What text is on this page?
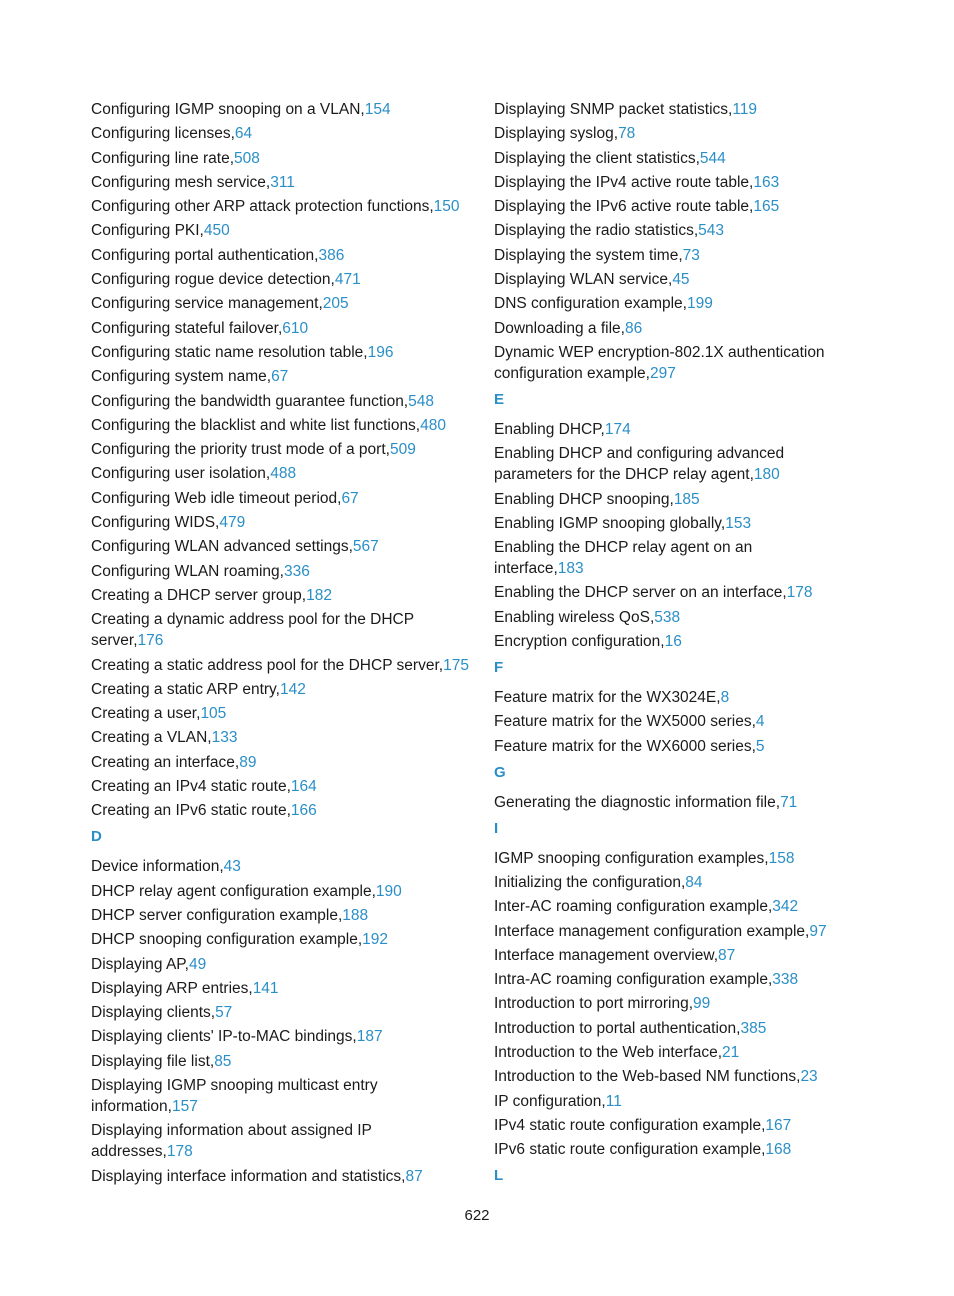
Configuring IGMP snooping on a VLAN,154
Configuring licenses,64
Configuring line rate,508
Configuring mesh service,311
Configuring other ARP attack protection functions,150
Configuring PKI,450
Configuring portal authentication,386
Configuring rogue device detection,471
Configuring service management,205
Configuring stateful failover,610
Configuring static name resolution table,196
Configuring system name,67
Configuring the bandwidth guarantee function,548
Configuring the blacklist and white list functions,480
Configuring the priority trust mode of a port,509
Configuring user isolation,488
Configuring Web idle timeout period,67
Configuring WIDS,479
Configuring WLAN advanced settings,567
Configuring WLAN roaming,336
Creating a DHCP server group,182
Creating a dynamic address pool for the DHCP server,176
Creating a static address pool for the DHCP server,175
Creating a static ARP entry,142
Creating a user,105
Creating a VLAN,133
Creating an interface,89
Creating an IPv4 static route,164
Creating an IPv6 static route,166
D
Device information,43
DHCP relay agent configuration example,190
DHCP server configuration example,188
DHCP snooping configuration example,192
Displaying AP,49
Displaying ARP entries,141
Displaying clients,57
Displaying clients' IP-to-MAC bindings,187
Displaying file list,85
Displaying IGMP snooping multicast entry information,157
Displaying information about assigned IP addresses,178
Displaying interface information and statistics,87
Displaying SNMP packet statistics,119
Displaying syslog,78
Displaying the client statistics,544
Displaying the IPv4 active route table,163
Displaying the IPv6 active route table,165
Displaying the radio statistics,543
Displaying the system time,73
Displaying WLAN service,45
DNS configuration example,199
Downloading a file,86
Dynamic WEP encryption-802.1X authentication configuration example,297
E
Enabling DHCP,174
Enabling DHCP and configuring advanced parameters for the DHCP relay agent,180
Enabling DHCP snooping,185
Enabling IGMP snooping globally,153
Enabling the DHCP relay agent on an interface,183
Enabling the DHCP server on an interface,178
Enabling wireless QoS,538
Encryption configuration,16
F
Feature matrix for the WX3024E,8
Feature matrix for the WX5000 series,4
Feature matrix for the WX6000 series,5
G
Generating the diagnostic information file,71
I
IGMP snooping configuration examples,158
Initializing the configuration,84
Inter-AC roaming configuration example,342
Interface management configuration example,97
Interface management overview,87
Intra-AC roaming configuration example,338
Introduction to port mirroring,99
Introduction to portal authentication,385
Introduction to the Web interface,21
Introduction to the Web-based NM functions,23
IP configuration,11
IPv4 static route configuration example,167
IPv6 static route configuration example,168
L
622
